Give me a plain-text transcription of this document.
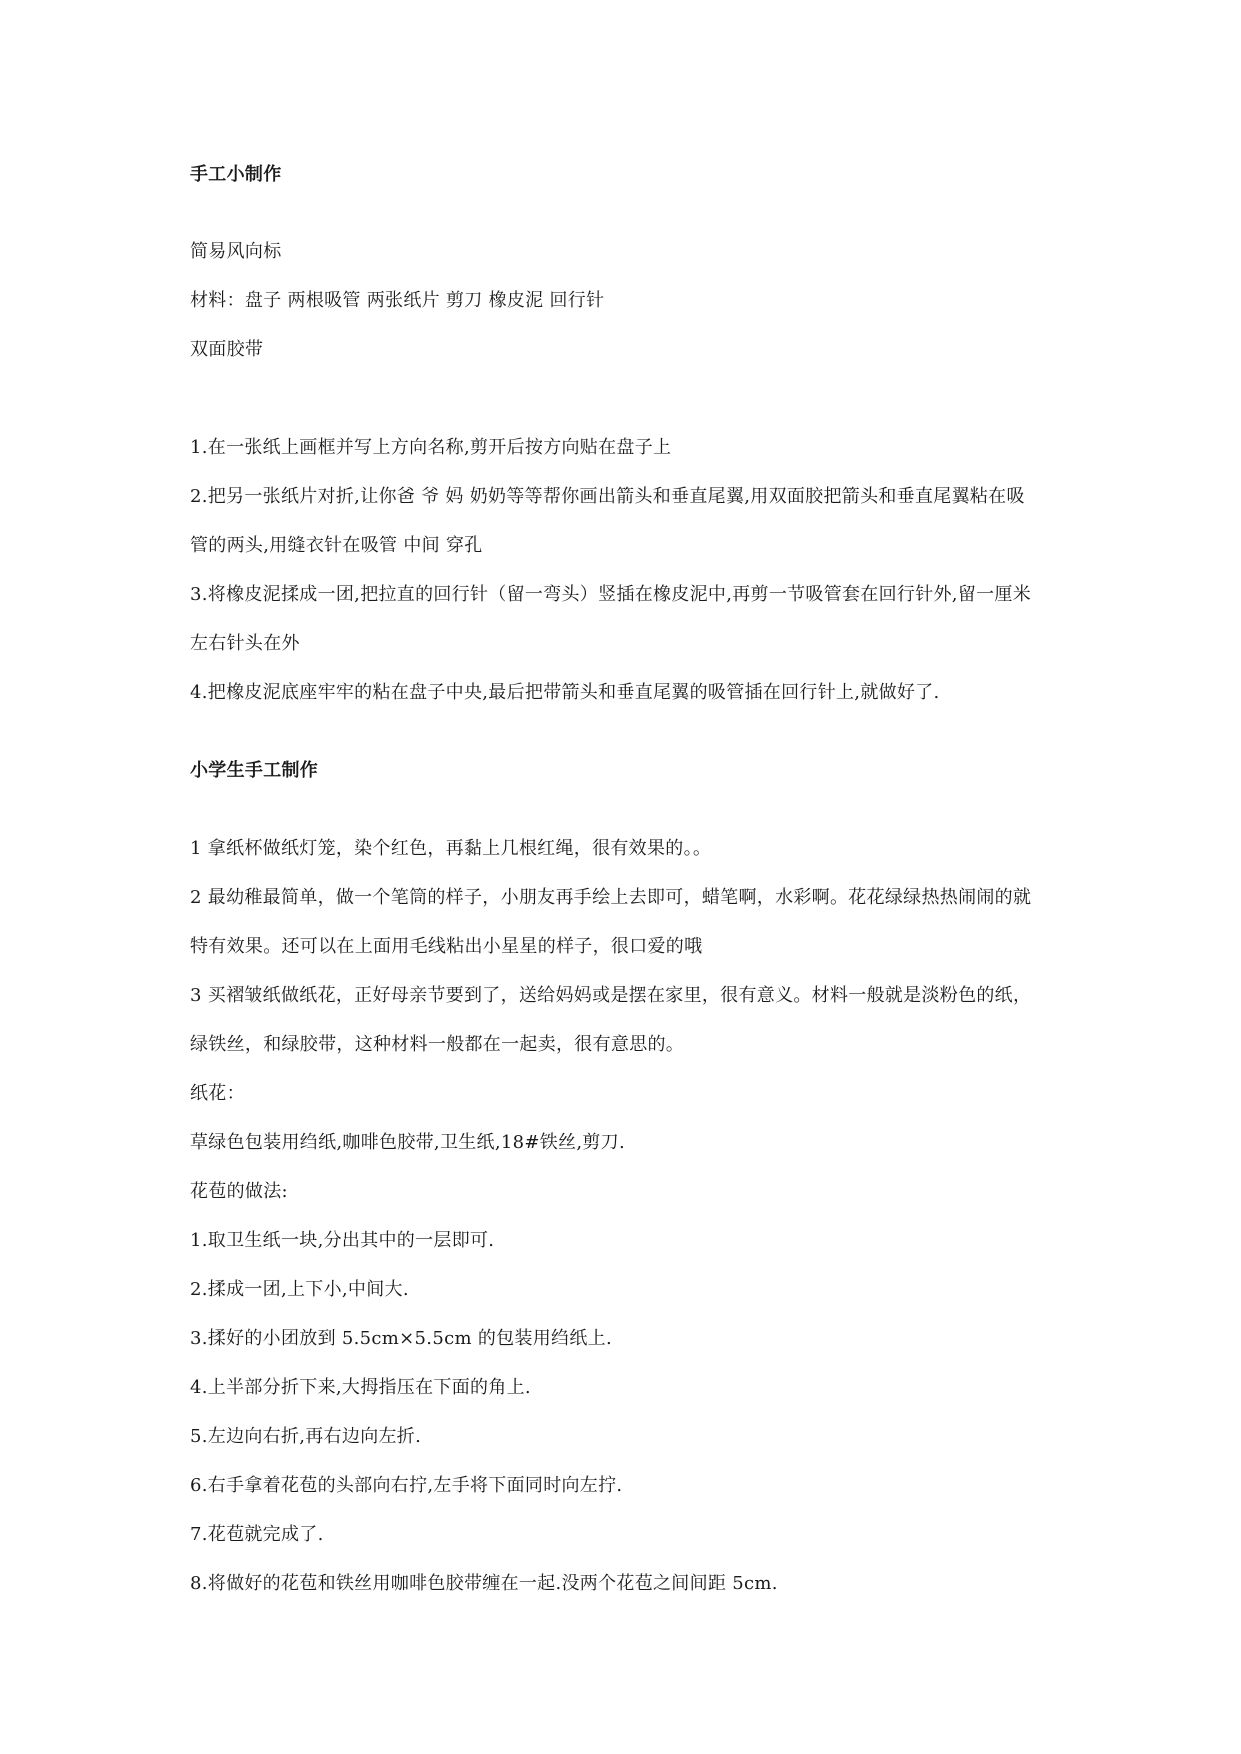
手工小制作
简易风向标
材料：盘子 两根吸管 两张纸片 剪刀 橡皮泥 回行针
双面胶带
1.在一张纸上画框并写上方向名称,剪开后按方向贴在盘子上
2.把另一张纸片对折,让你爸 爷 妈 奶奶等等帮你画出箭头和垂直尾翼,用双面胶把箭头和垂直尾翼粘在吸
管的两头,用缝衣针在吸管 中间 穿孔
3.将橡皮泥揉成一团,把拉直的回行针（留一弯头）竖插在橡皮泥中,再剪一节吸管套在回行针外,留一厘米
左右针头在外
4.把橡皮泥底座牢牢的粘在盘子中央,最后把带箭头和垂直尾翼的吸管插在回行针上,就做好了.
小学生手工制作
1 拿纸杯做纸灯笼，染个红色，再黏上几根红绳，很有效果的。。
2 最幼稚最简单，做一个笔筒的样子，小朋友再手绘上去即可，蜡笔啊，水彩啊。花花绿绿热热闹闹的就
特有效果。还可以在上面用毛线粘出小星星的样子，很口爱的哦
3 买褶皱纸做纸花，正好母亲节要到了，送给妈妈或是摆在家里，很有意义。材料一般就是淡粉色的纸，
绿铁丝，和绿胶带，这种材料一般都在一起卖，很有意思的。
纸花：
草绿色包装用绉纸,咖啡色胶带,卫生纸,18#铁丝,剪刀.
花苞的做法:
1.取卫生纸一块,分出其中的一层即可.
2.揉成一团,上下小,中间大.
3.揉好的小团放到 5.5cm×5.5cm 的包装用绉纸上.
4.上半部分折下来,大拇指压在下面的角上.
5.左边向右折,再右边向左折.
6.右手拿着花苞的头部向右拧,左手将下面同时向左拧.
7.花苞就完成了.
8.将做好的花苞和铁丝用咖啡色胶带缠在一起.没两个花苞之间间距 5cm.
